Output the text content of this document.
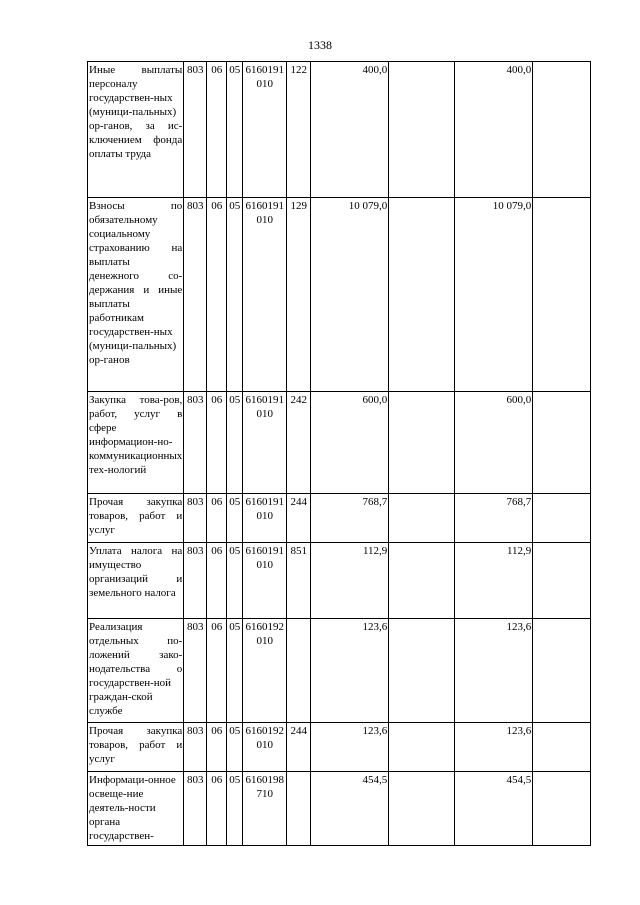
1338
Иные выплаты персоналу государствен-ных (муници-пальных) ор-ганов, за ис-ключением фонда оплаты труда	803	06	05	6160191010	122	400,0		400,0	
Взносы по обязательному социальному страхованию на выплаты денежного со-держания и иные выплаты работникам государствен-ных (муници-пальных) ор-ганов	803	06	05	6160191010	129	10 079,0		10 079,0	
Закупка това-ров, работ, услуг в сфере информацион-но-коммуникационных тех-нологий	803	06	05	6160191010	242	600,0		600,0	
Прочая закупка товаров, работ и услуг	803	06	05	6160191010	244	768,7		768,7	
Уплата налога на имущество организаций и земельного налога	803	06	05	6160191010	851	112,9		112,9	
Реализация отдельных по-ложений зако-нодательства о государствен-ной граждан-ской службе	803	06	05	6160192010		123,6		123,6	
Прочая закупка товаров, работ и услуг	803	06	05	6160192010	244	123,6		123,6	
Информаци-онное освеще-ние деятель-ности органа государствен-	803	06	05	6160198710		454,5		454,5	
